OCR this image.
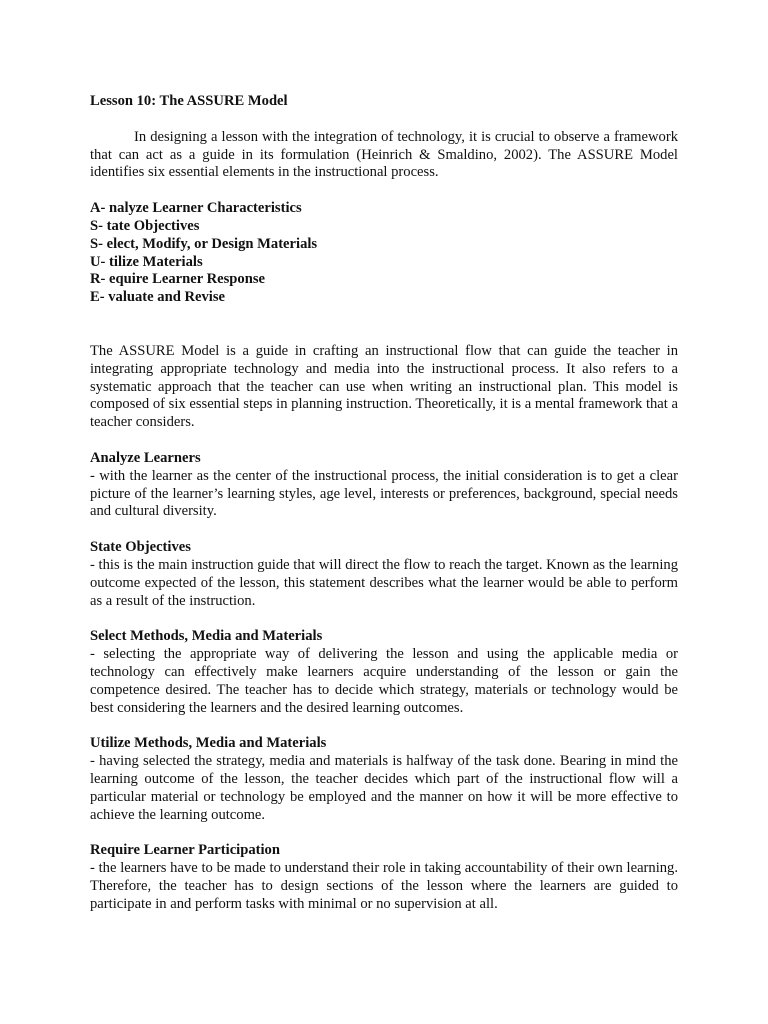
Lesson 10: The ASSURE Model

In designing a lesson with the integration of technology, it is crucial to observe a framework that can act as a guide in its formulation (Heinrich & Smaldino, 2002). The ASSURE Model identifies six essential elements in the instructional process.

A- nalyze Learner Characteristics
S- tate Objectives
S- elect, Modify, or Design Materials
U- tilize Materials
R- equire Learner Response
E- valuate and Revise

The ASSURE Model is a guide in crafting an instructional flow that can guide the teacher in integrating appropriate technology and media into the instructional process. It also refers to a systematic approach that the teacher can use when writing an instructional plan. This model is composed of six essential steps in planning instruction. Theoretically, it is a mental framework that a teacher considers.

Analyze Learners

- with the learner as the center of the instructional process, the initial consideration is to get a clear picture of the learner’s learning styles, age level, interests or preferences, background, special needs and cultural diversity.

State Objectives

- this is the main instruction guide that will direct the flow to reach the target. Known as the learning outcome expected of the lesson, this statement describes what the learner would be able to perform as a result of the instruction.

Select Methods, Media and Materials

- selecting the appropriate way of delivering the lesson and using the applicable media or technology can effectively make learners acquire understanding of the lesson or gain the competence desired. The teacher has to decide which strategy, materials or technology would be best considering the learners and the desired learning outcomes.

Utilize Methods, Media and Materials

- having selected the strategy, media and materials is halfway of the task done. Bearing in mind the learning outcome of the lesson, the teacher decides which part of the instructional flow will a particular material or technology be employed and the manner on how it will be more effective to achieve the learning outcome.

Require Learner Participation

- the learners have to be made to understand their role in taking accountability of their own learning. Therefore, the teacher has to design sections of the lesson where the learners are guided to participate in and perform tasks with minimal or no supervision at all.
